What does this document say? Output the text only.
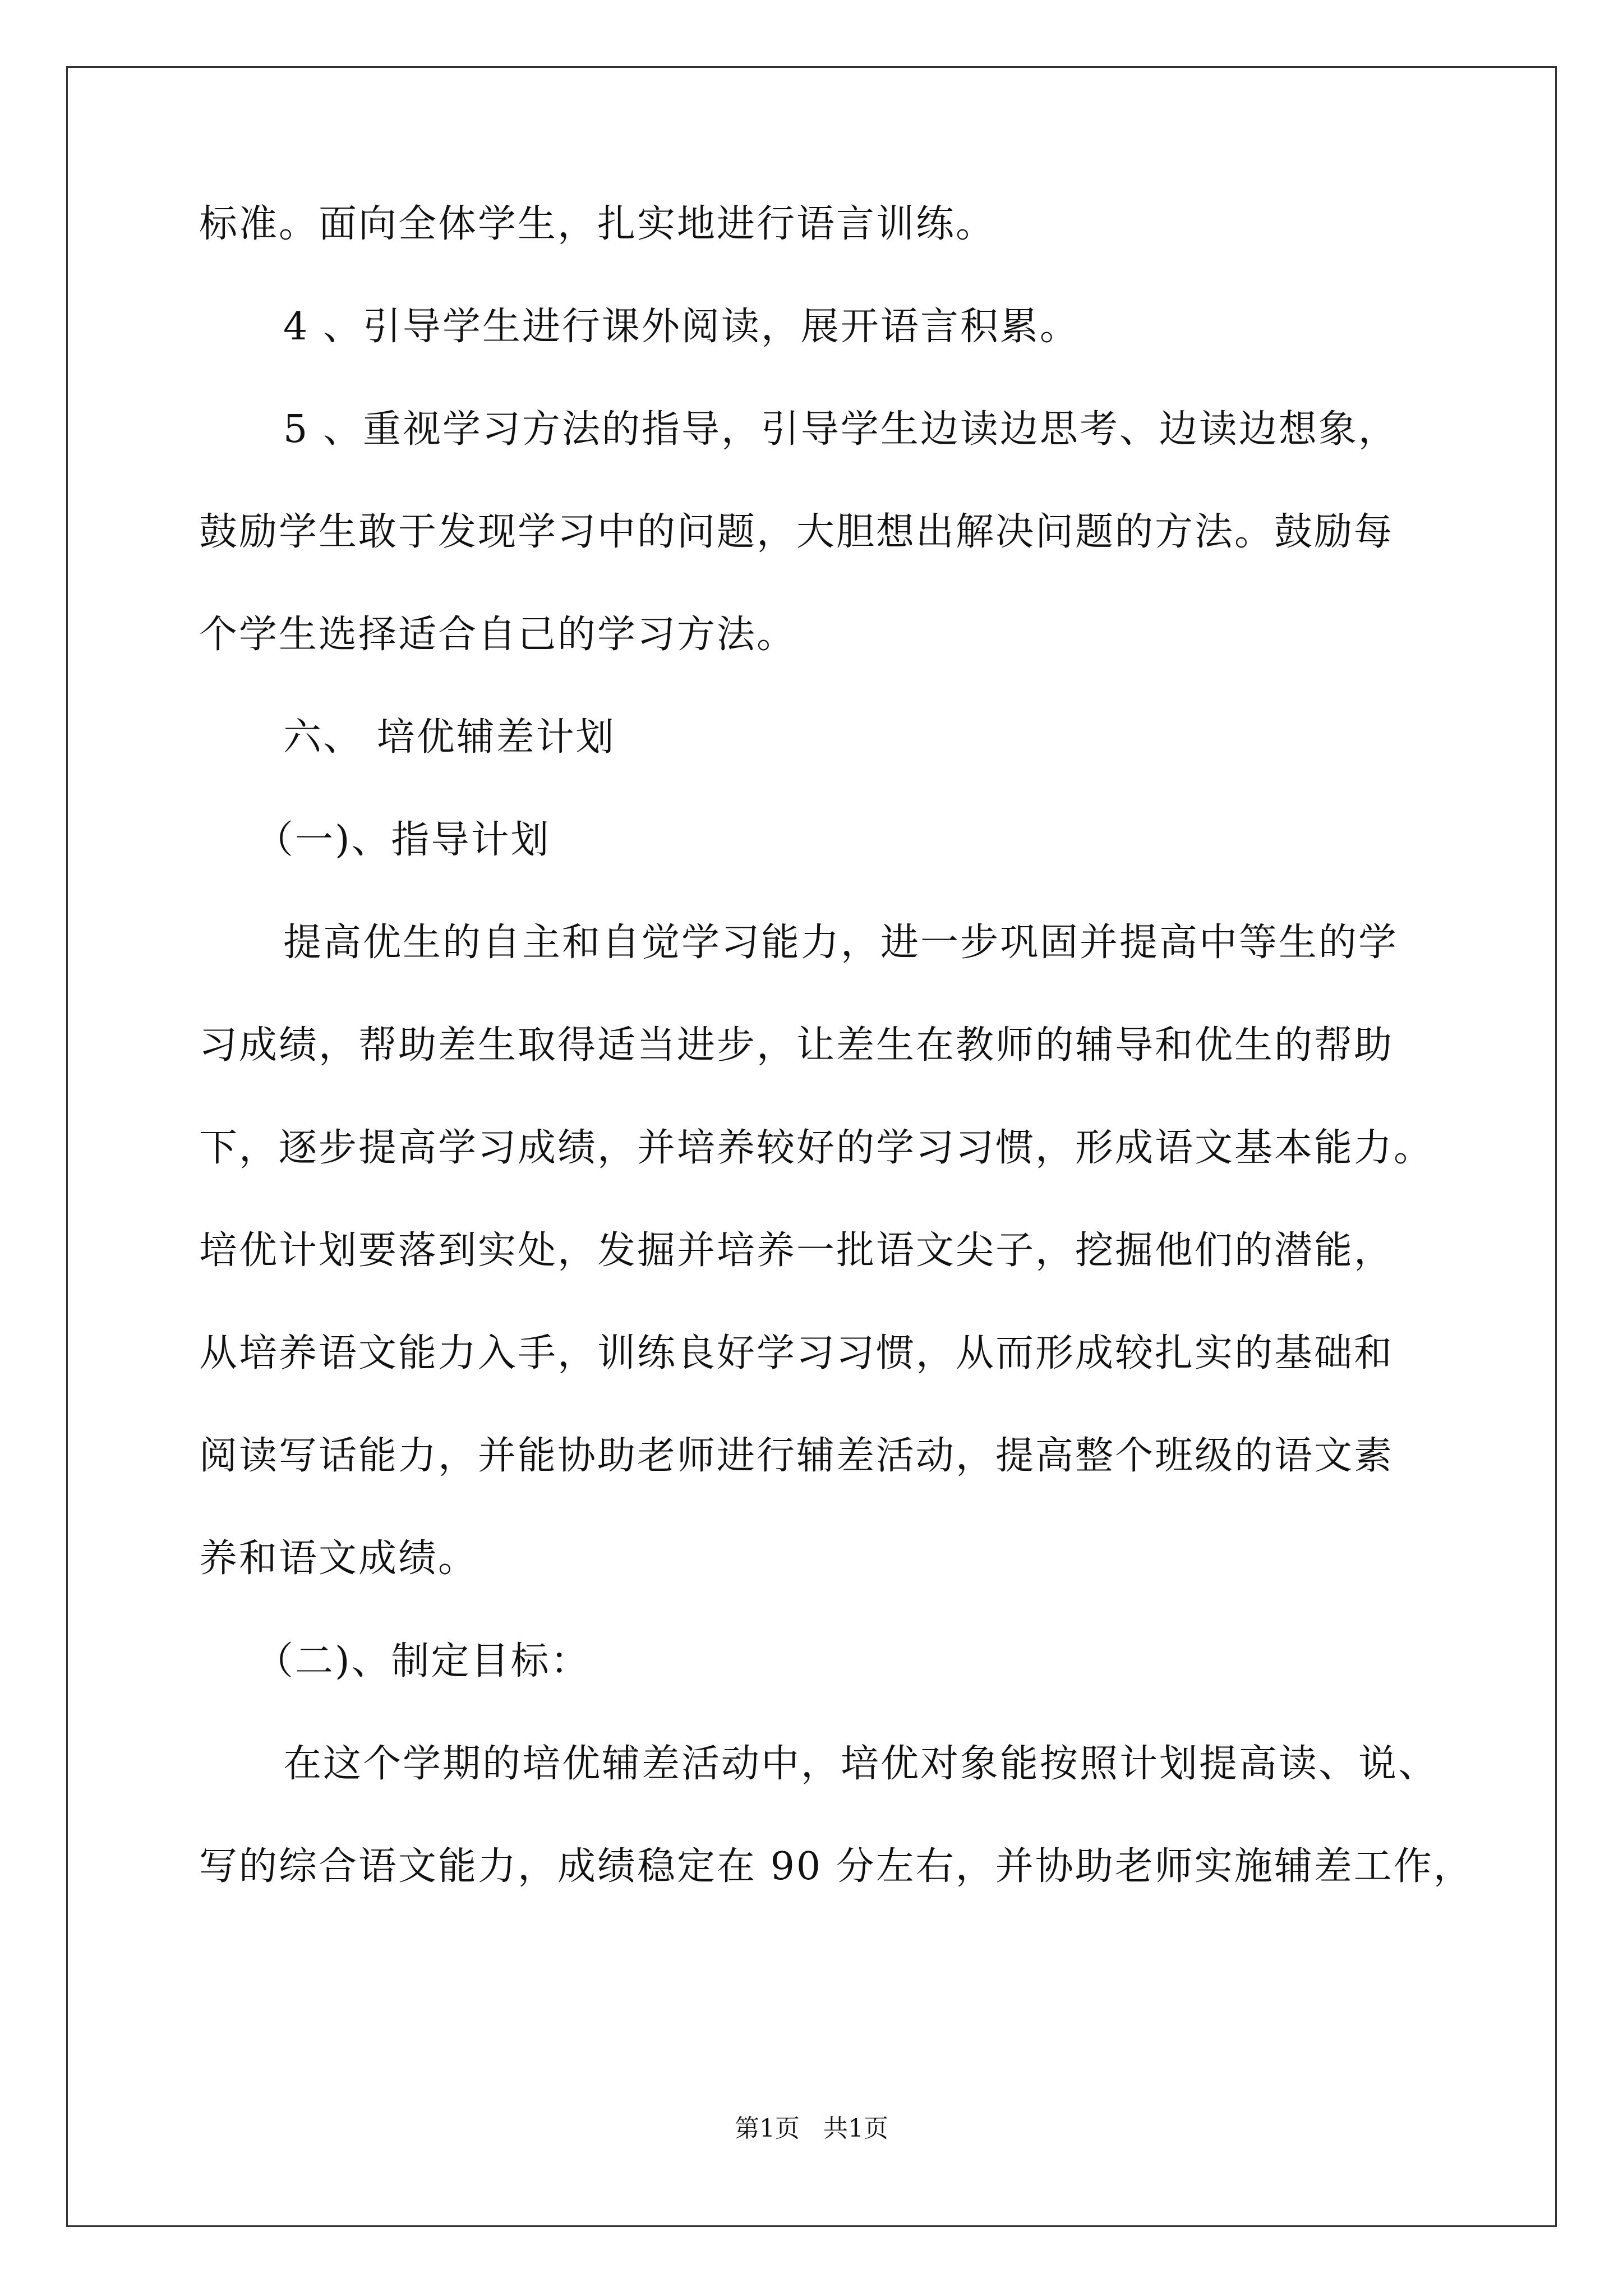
标准。面向全体学生，扎实地进行语言训练。
4 、引导学生进行课外阅读，展开语言积累。
5 、重视学习方法的指导，引导学生边读边思考、边读边想象，
鼓励学生敢于发现学习中的问题，大胆想出解决问题的方法。鼓励每
个学生选择适合自己的学习方法。
六、 培优辅差计划
（一)、指导计划
提高优生的自主和自觉学习能力，进一步巩固并提高中等生的学
习成绩，帮助差生取得适当进步，让差生在教师的辅导和优生的帮助
下，逐步提高学习成绩，并培养较好的学习习惯，形成语文基本能力。
培优计划要落到实处，发掘并培养一批语文尖子，挖掘他们的潜能，
从培养语文能力入手，训练良好学习习惯，从而形成较扎实的基础和
阅读写话能力，并能协助老师进行辅差活动，提高整个班级的语文素
养和语文成绩。
（二)、制定目标：
在这个学期的培优辅差活动中，培优对象能按照计划提高读、说、
写的综合语文能力，成绩稳定在 90 分左右，并协助老师实施辅差工作，
第1页   共1页
